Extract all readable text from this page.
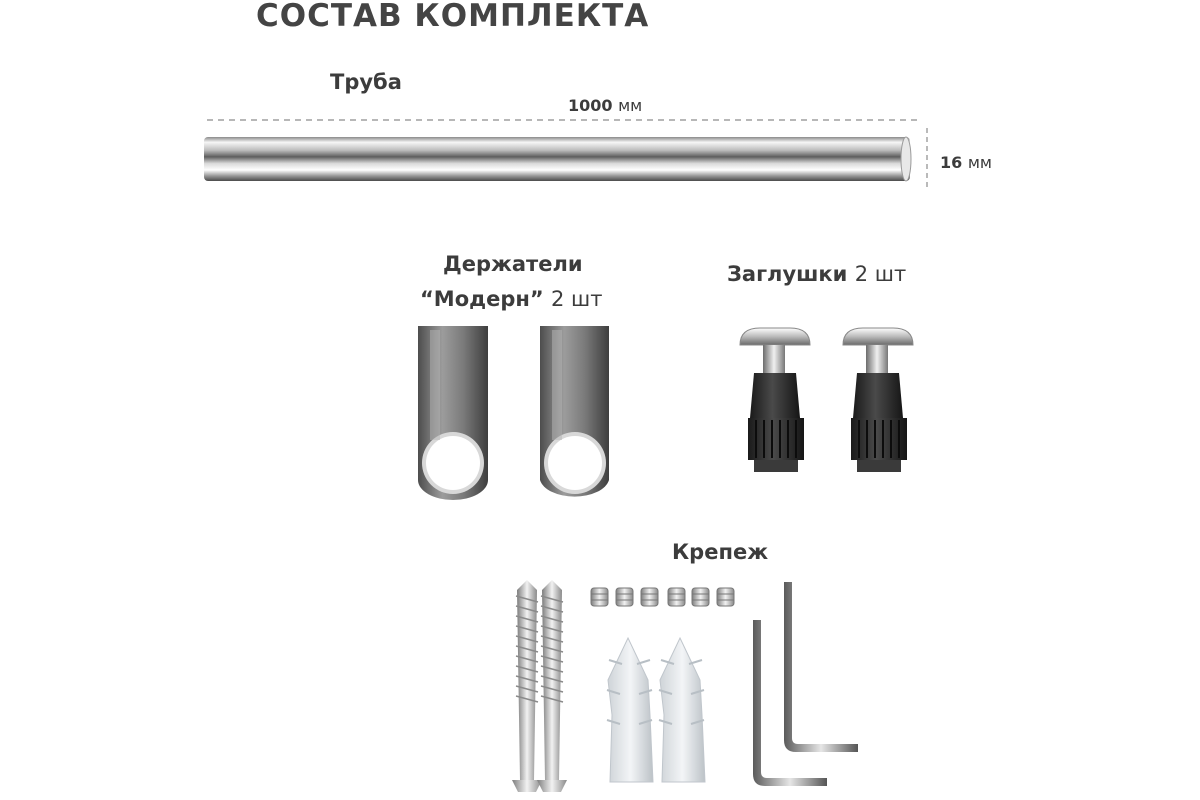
СОСТАВ КОМПЛЕКТА
Труба
1000 мм
16 мм
Держатели
“Модерн” 2 шт
Заглушки 2 шт
Крепеж
